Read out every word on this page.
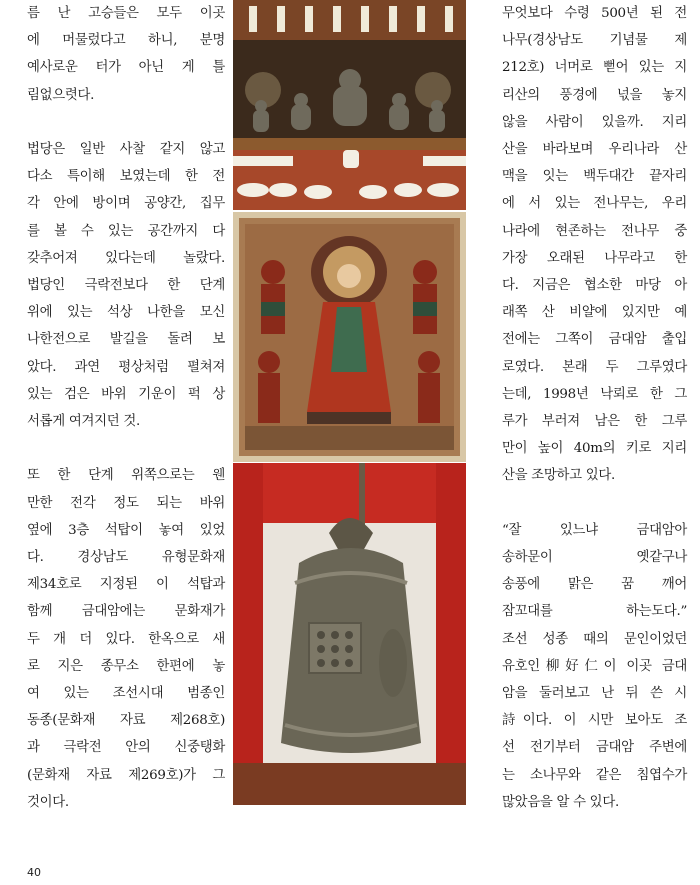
름 난 고승들은 모두 이곳

에 머물렀다고 하니, 분명

예사로운 터가 아닌 게 틀

림없으렷다.

법당은 일반 사찰 같지 않고

다소 특이해 보였는데 한 전

각 안에 방이며 공양간, 집무

를 볼 수 있는 공간까지 다

갖추어져 있다는데 놀랐다.

법당인 극락전보다 한 단계

위에 있는 석상 나한을 모신

나한전으로 발길을 돌려 보

았다. 과연 평상처럼 펼쳐져

있는 검은 바위 기운이 퍽 상

서롭게 여겨지던 것.

또 한 단계 위쪽으로는 웬

만한 전각 정도 되는 바위

옆에 3층 석탑이 놓여 있었

다. 경상남도 유형문화재

제34호로 지정된 이 석탑과

함께 금대암에는 문화재가

두 개 더 있다. 한옥으로 새

로 지은 종무소 한편에 놓

여 있는 조선시대 범종인

동종(문화재 자료 제268호)

과 극락전 안의 신중탱화

(문화재 자료 제269호)가 그

것이다.

무엇보다 수령 500년 된 전

나무(경상남도 기념물 제

212호) 너머로 뻗어 있는 지

리산의 풍경에 넋을 놓지

않을 사람이 있을까. 지리

산을 바라보며 우리나라 산

맥을 잇는 백두대간 끝자리

에 서 있는 전나무는, 우리

나라에 현존하는 전나무 중

가장 오래된 나무라고 한

다. 지금은 협소한 마당 아

래쪽 산 비얄에 있지만 예

전에는 그쪽이 금대암 출입

로였다. 본래 두 그루였다

는데, 1998년 낙뢰로 한 그

루가 부러져 남은 한 그루

만이 높이 40m의 키로 지리

산을 조망하고 있다.

“잘 있느냐 금대암아

송하문이 옛같구나

송풍에 맑은 꿈 깨어

잠꼬대를 하는도다.”

조선 성종 때의 문인이었던

유호인柳好仁이 이곳 금대

암을 둘러보고 난 뒤 쓴 시

詩이다. 이 시만 보아도 조

선 전기부터 금대암 주변에

는 소나무와 같은 침엽수가

많았음을 알 수 있다.

40
